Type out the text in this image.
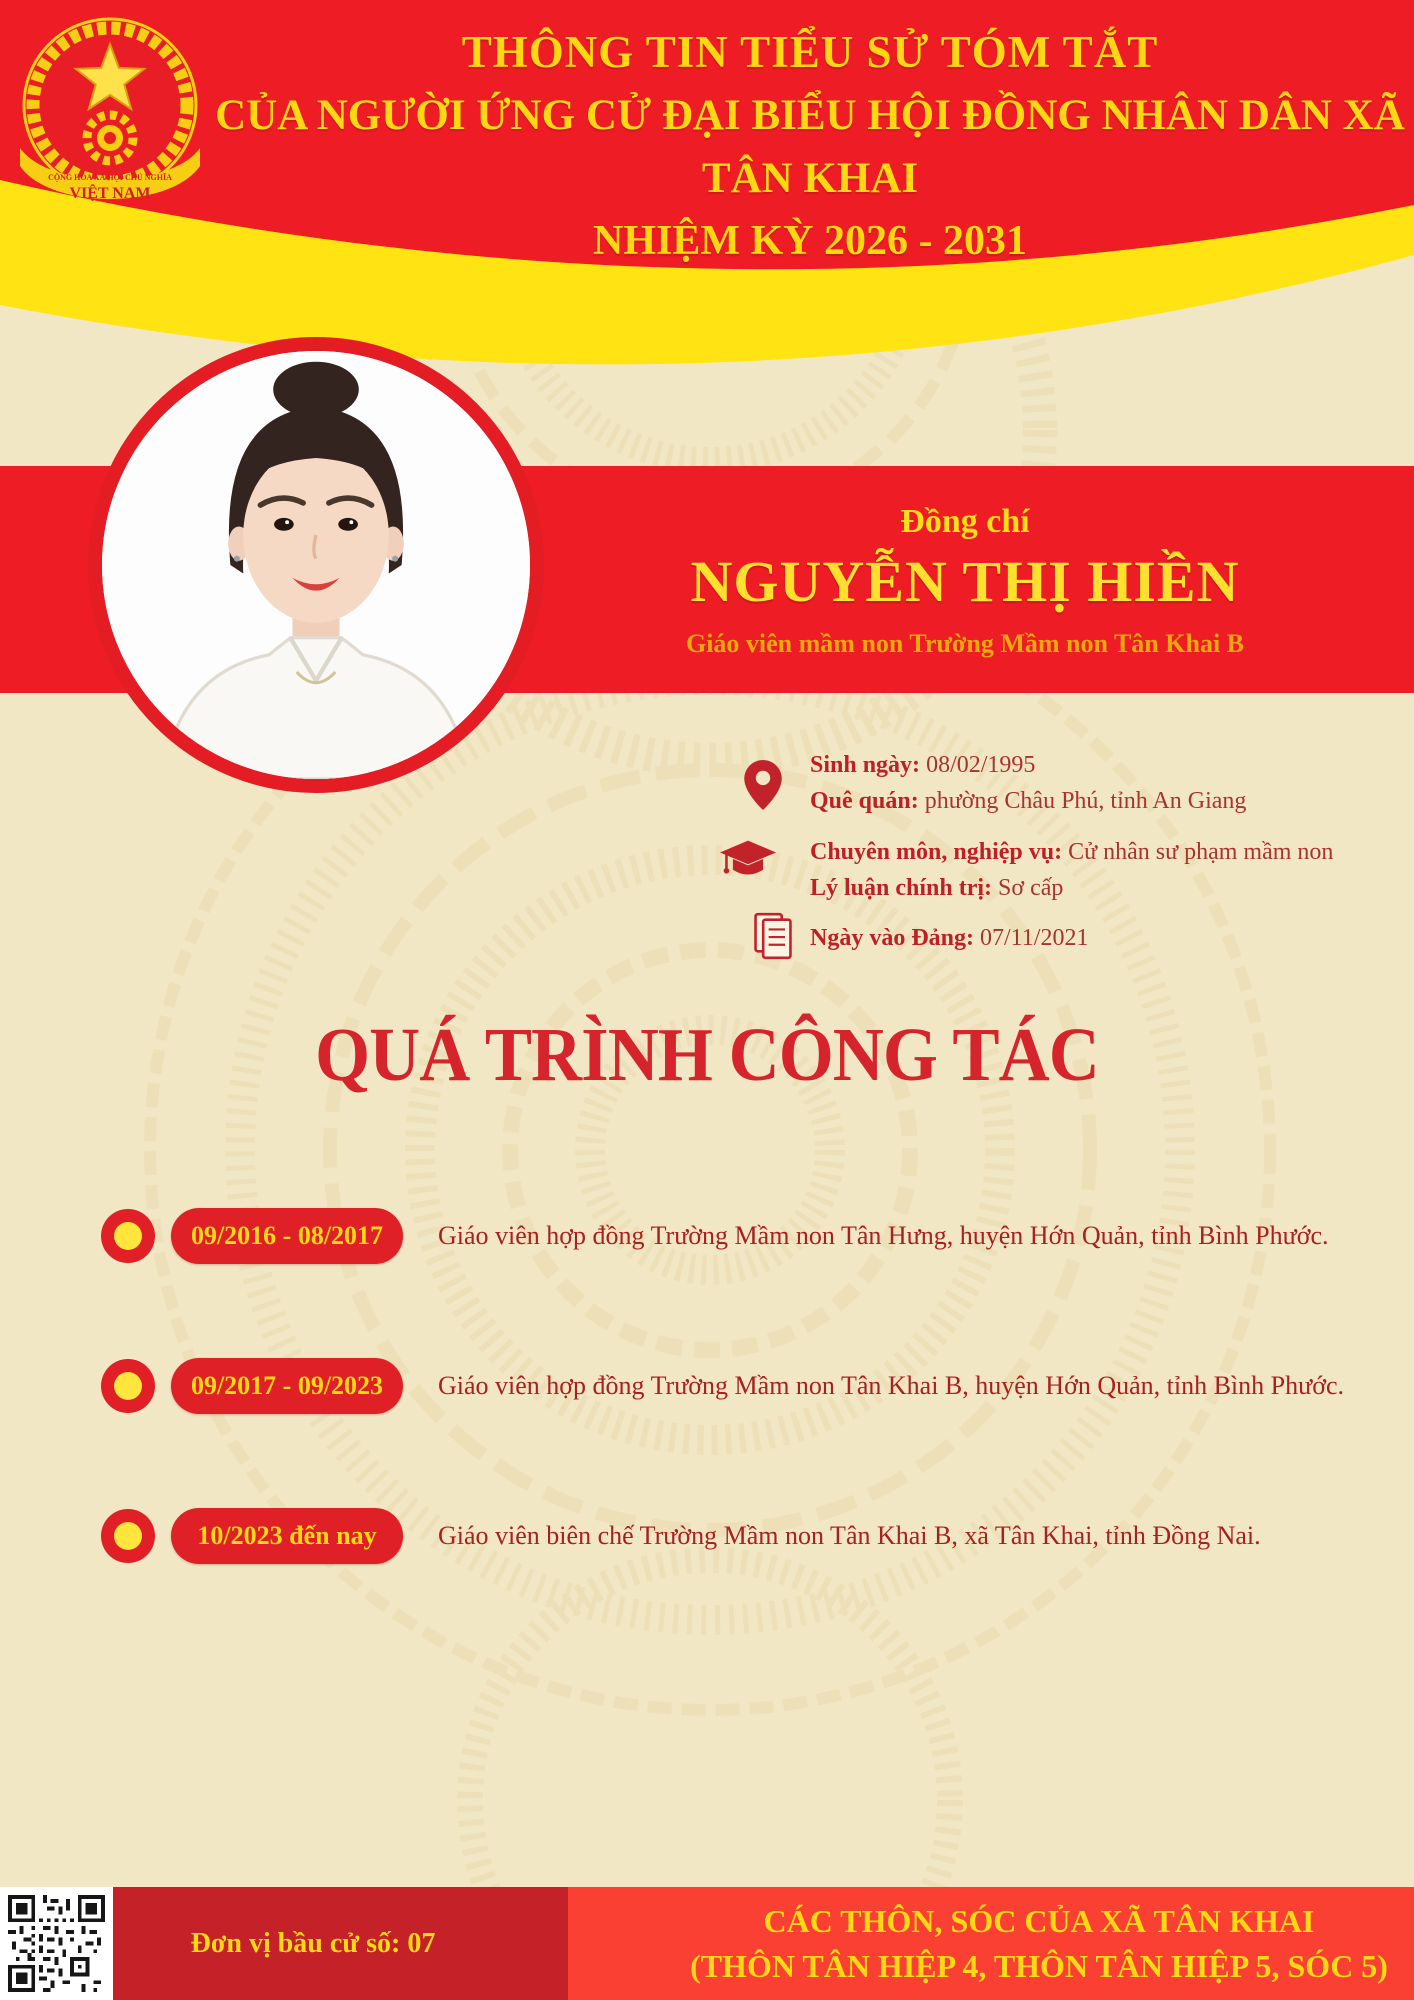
THÔNG TIN TIỂU SỬ TÓM TẮT
CỦA NGƯỜI ỨNG CỬ ĐẠI BIỂU HỘI ĐỒNG NHÂN DÂN XÃ TÂN KHAI
NHIỆM KỲ 2026 - 2031
CỘNG HÒA XÃ HỘI CHỦ NGHĨA
VIỆT NAM
Đồng chí
NGUYỄN THỊ HIỀN
Giáo viên mầm non Trường Mầm non Tân Khai B
Sinh ngày: 08/02/1995
Quê quán: phường Châu Phú, tỉnh An Giang
Chuyên môn, nghiệp vụ: Cử nhân sư phạm mầm non
Lý luận chính trị: Sơ cấp
Ngày vào Đảng: 07/11/2021
QUÁ TRÌNH CÔNG TÁC
09/2016 - 08/2017	Giáo viên hợp đồng Trường Mầm non Tân Hưng, huyện Hớn Quản, tỉnh Bình Phước.
09/2017 - 09/2023	Giáo viên hợp đồng Trường Mầm non Tân Khai B, huyện Hớn Quản, tỉnh Bình Phước.
10/2023 đến nay	Giáo viên biên chế Trường Mầm non Tân Khai B, xã Tân Khai, tỉnh Đồng Nai.
Đơn vị bầu cử số: 07
CÁC THÔN, SÓC CỦA XÃ TÂN KHAI
(THÔN TÂN HIỆP 4, THÔN TÂN HIỆP 5, SÓC 5)
